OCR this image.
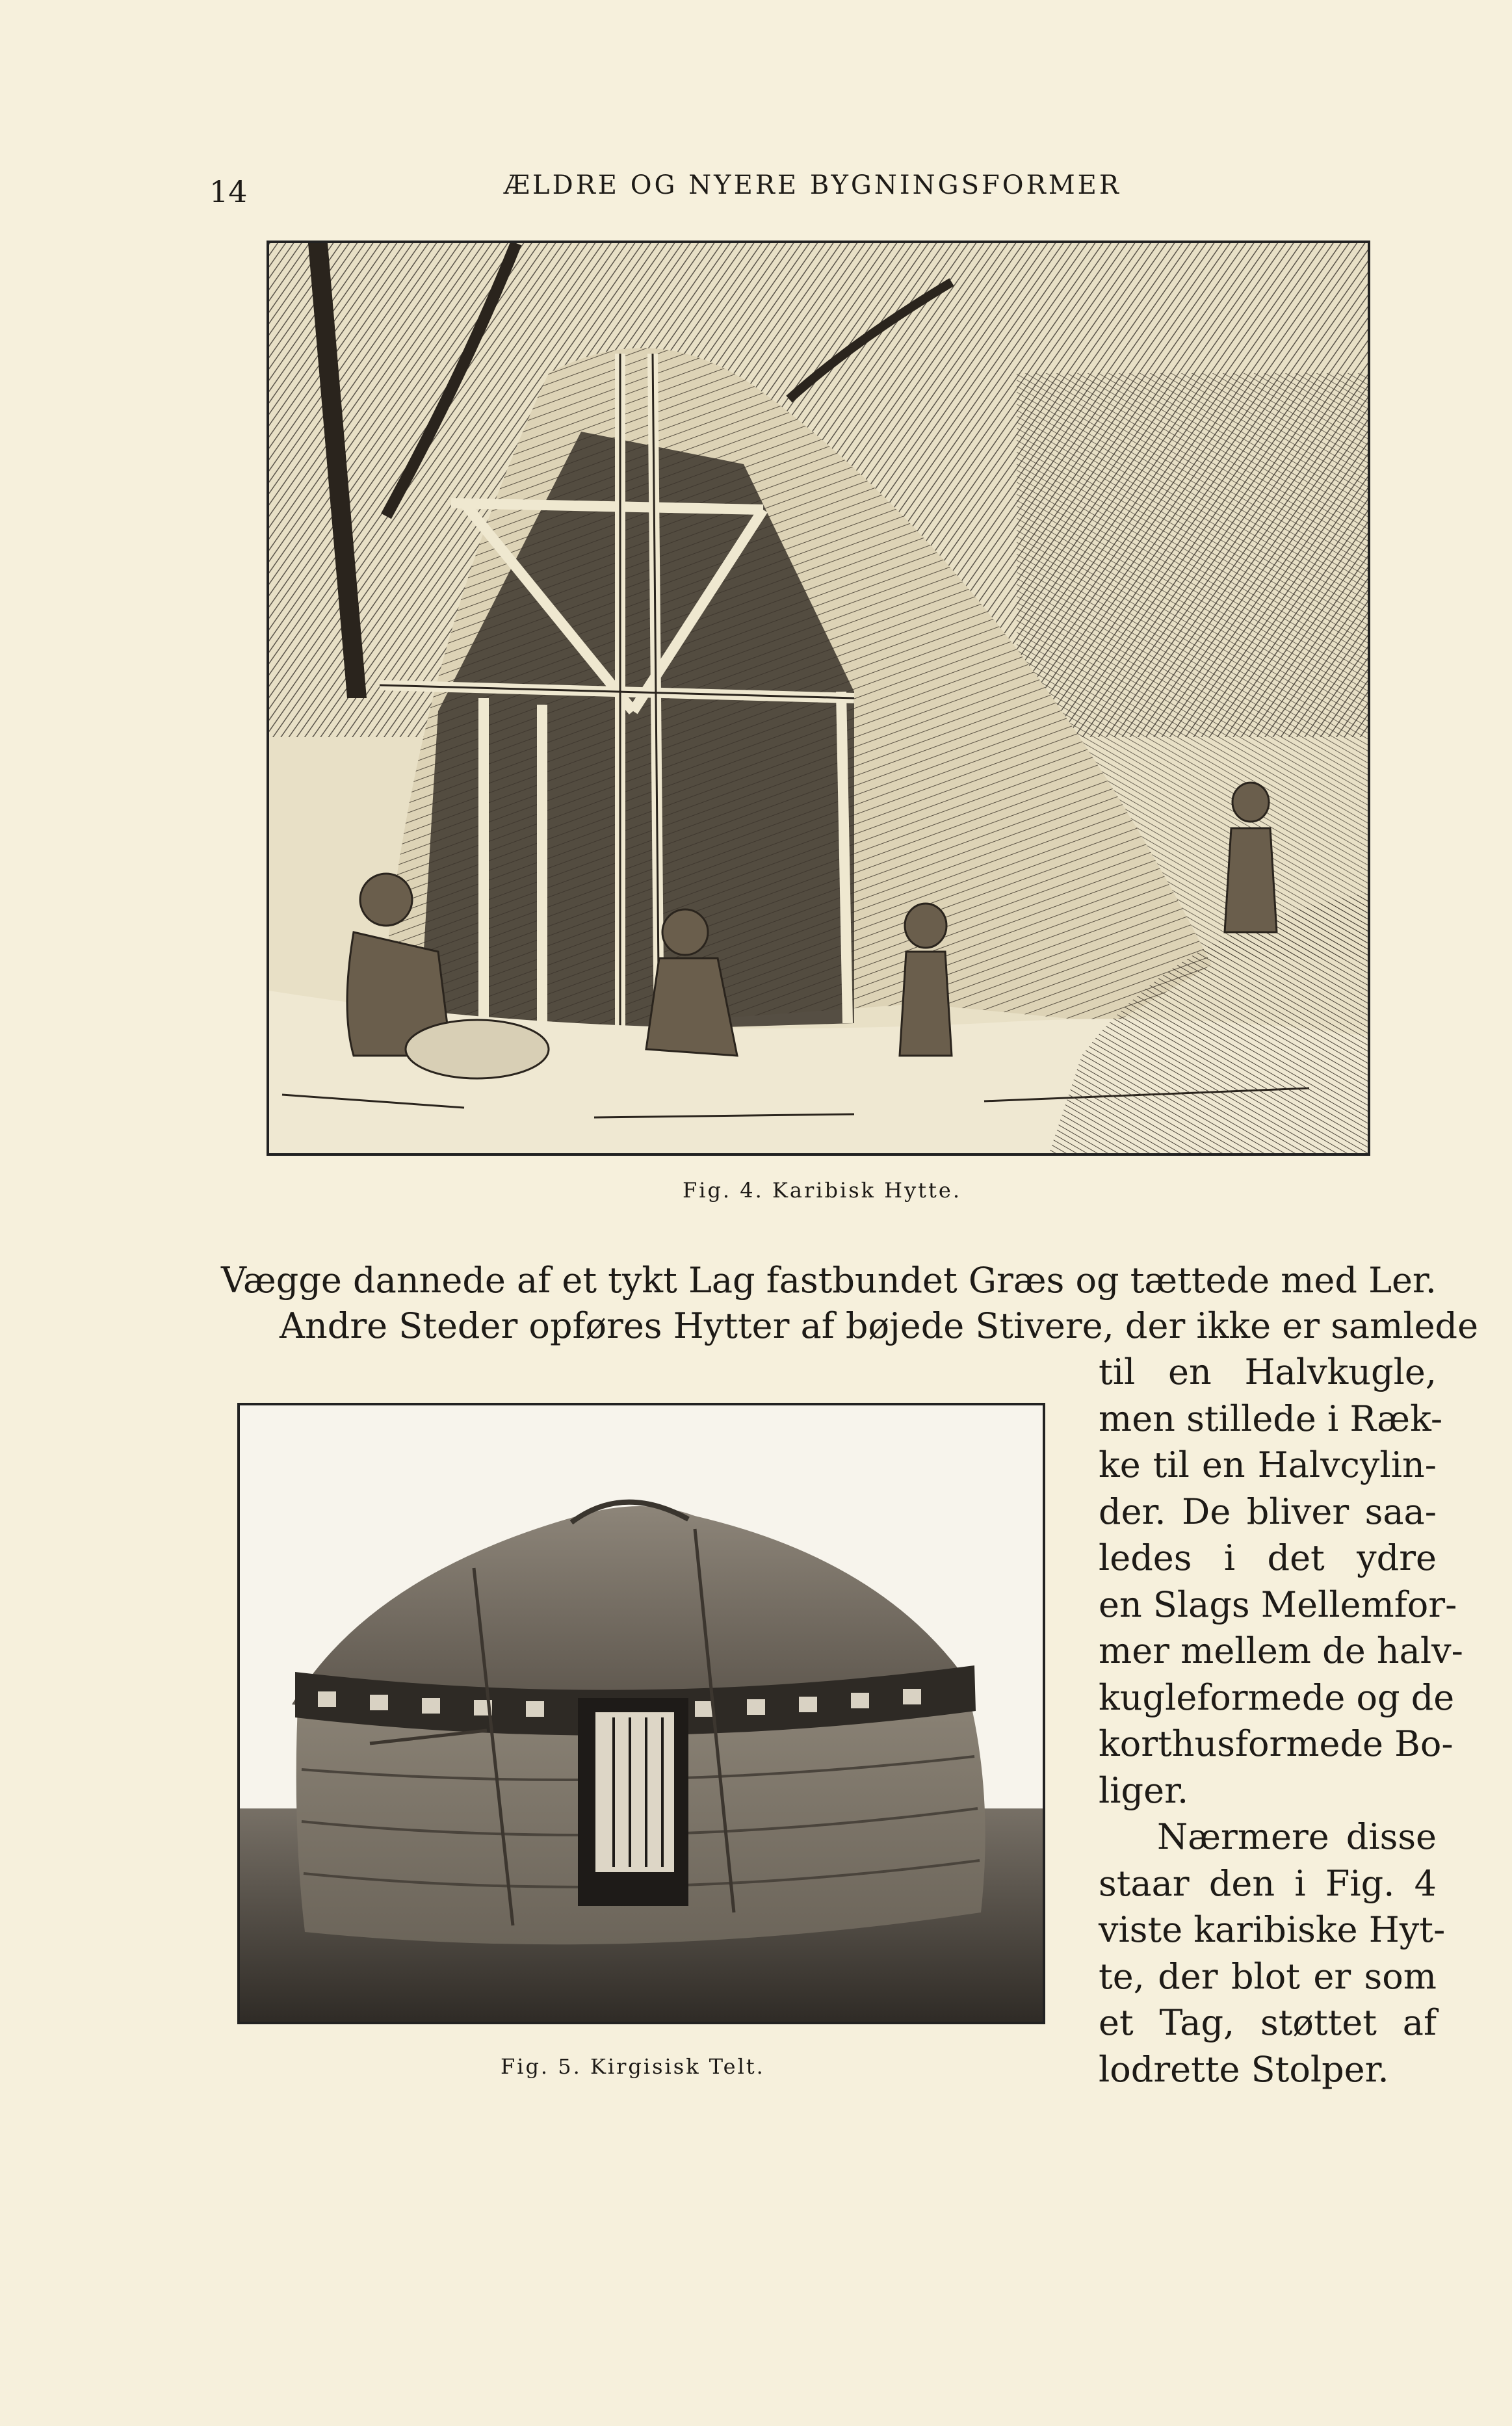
14	ÆLDRE OG NYERE BYGNINGSFORMER
Fig. 4. Karibisk Hytte.
Vægge dannede af et tykt Lag fastbundet Græs og tættede med Ler.
Andre Steder opføres Hytter af bøjede Stivere, der ikke er samlede
Fig. 5. Kirgisisk Telt.
til en Halvkugle,
men stillede i Ræk-
ke til en Halvcylin-
der. De bliver saa-
ledes i det ydre
en Slags Mellemfor-
mer mellem de halv-
kugleformede og de
korthusformede Bo-
liger.
Nærmere disse
staar den i Fig. 4
viste karibiske Hyt-
te, der blot er som
et Tag, støttet af
lodrette Stolper.
